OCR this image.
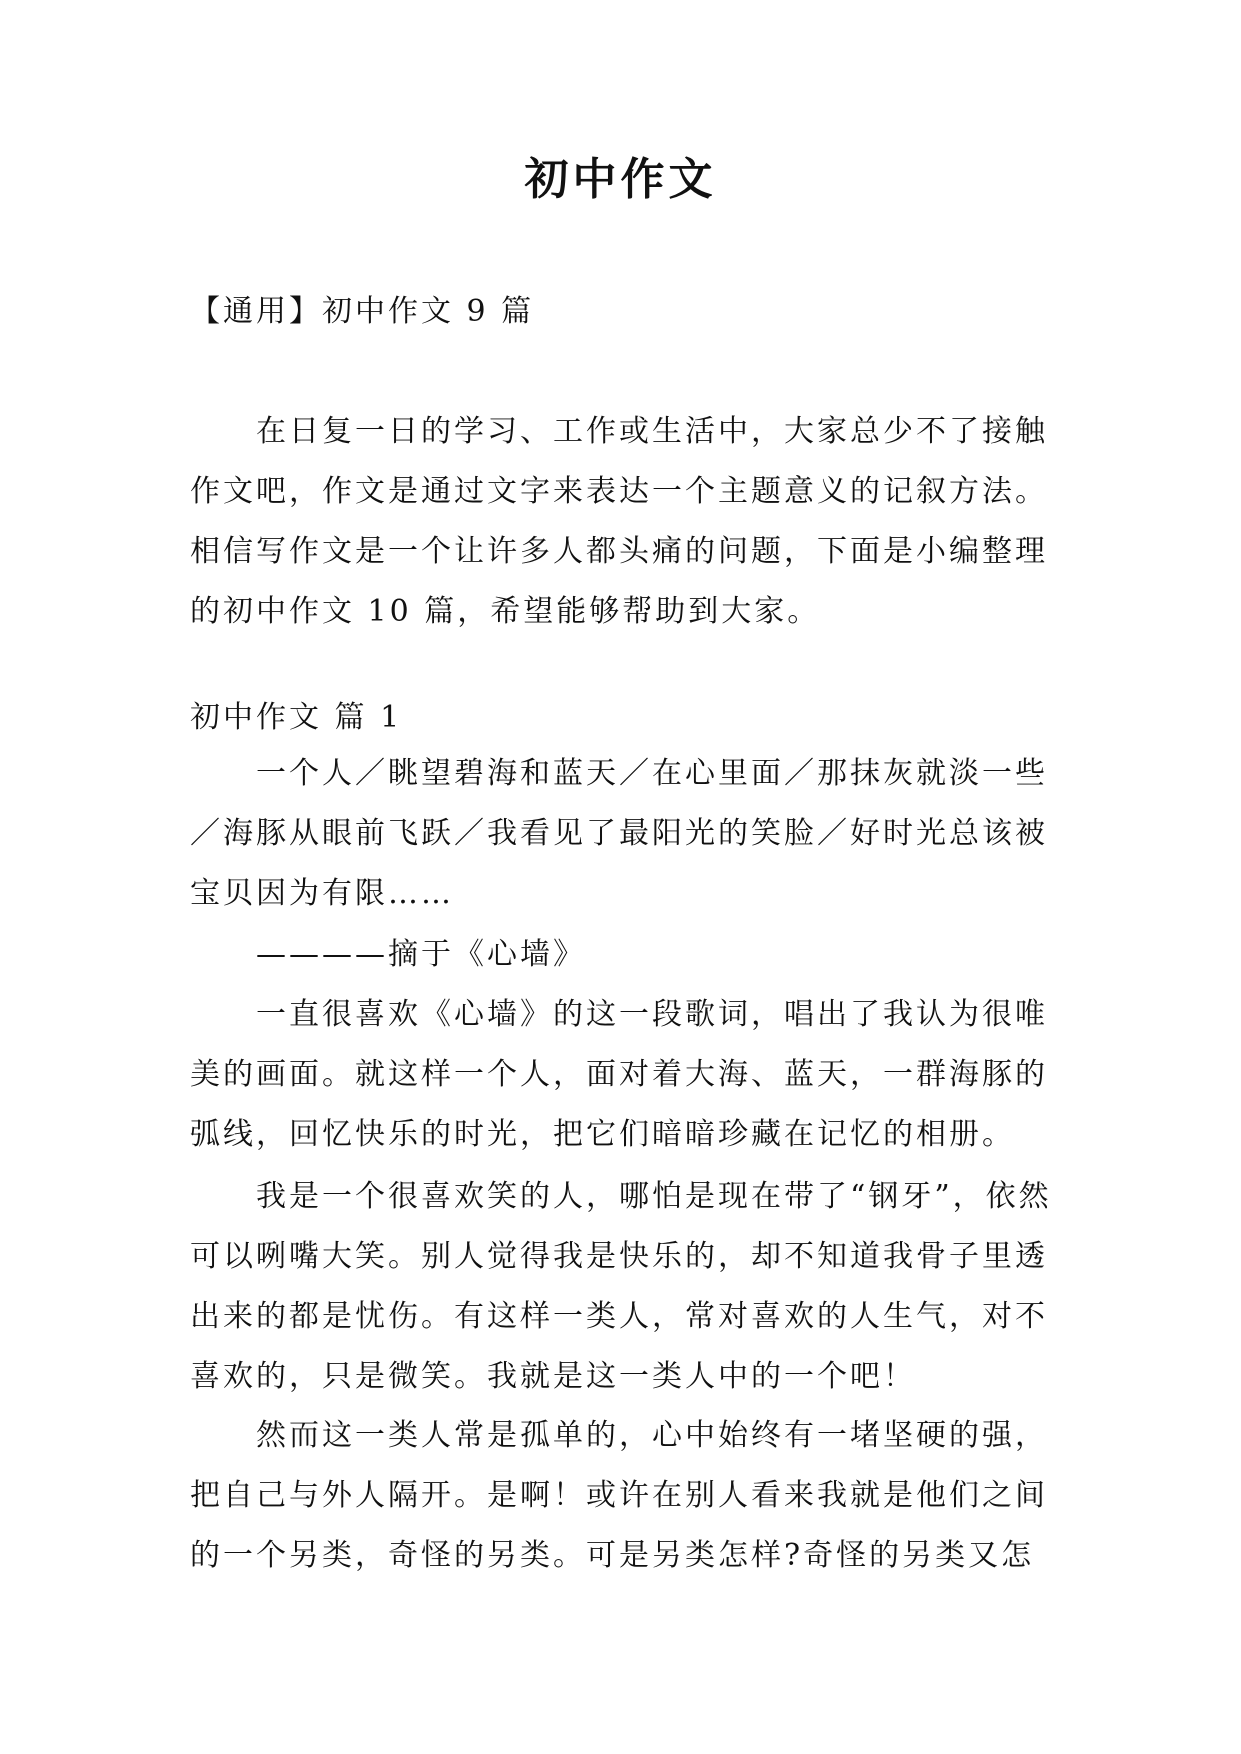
初中作文

【通用】初中作文 9 篇

在日复一日的学习、工作或生活中，大家总少不了接触作文吧，作文是通过文字来表达一个主题意义的记叙方法。相信写作文是一个让许多人都头痛的问题，下面是小编整理的初中作文 10 篇，希望能够帮助到大家。

初中作文 篇 1

一个人／眺望碧海和蓝天／在心里面／那抹灰就淡一些／海豚从眼前飞跃／我看见了最阳光的笑脸／好时光总该被宝贝因为有限……

————摘于《心墙》

一直很喜欢《心墙》的这一段歌词，唱出了我认为很唯美的画面。就这样一个人，面对着大海、蓝天，一群海豚的弧线，回忆快乐的时光，把它们暗暗珍藏在记忆的相册。

我是一个很喜欢笑的人，哪怕是现在带了“钢牙”，依然可以咧嘴大笑。别人觉得我是快乐的，却不知道我骨子里透出来的都是忧伤。有这样一类人，常对喜欢的人生气，对不喜欢的，只是微笑。我就是这一类人中的一个吧！

然而这一类人常是孤单的，心中始终有一堵坚硬的强，把自己与外人隔开。是啊！或许在别人看来我就是他们之间的一个另类，奇怪的另类。可是另类怎样?奇怪的另类又怎
